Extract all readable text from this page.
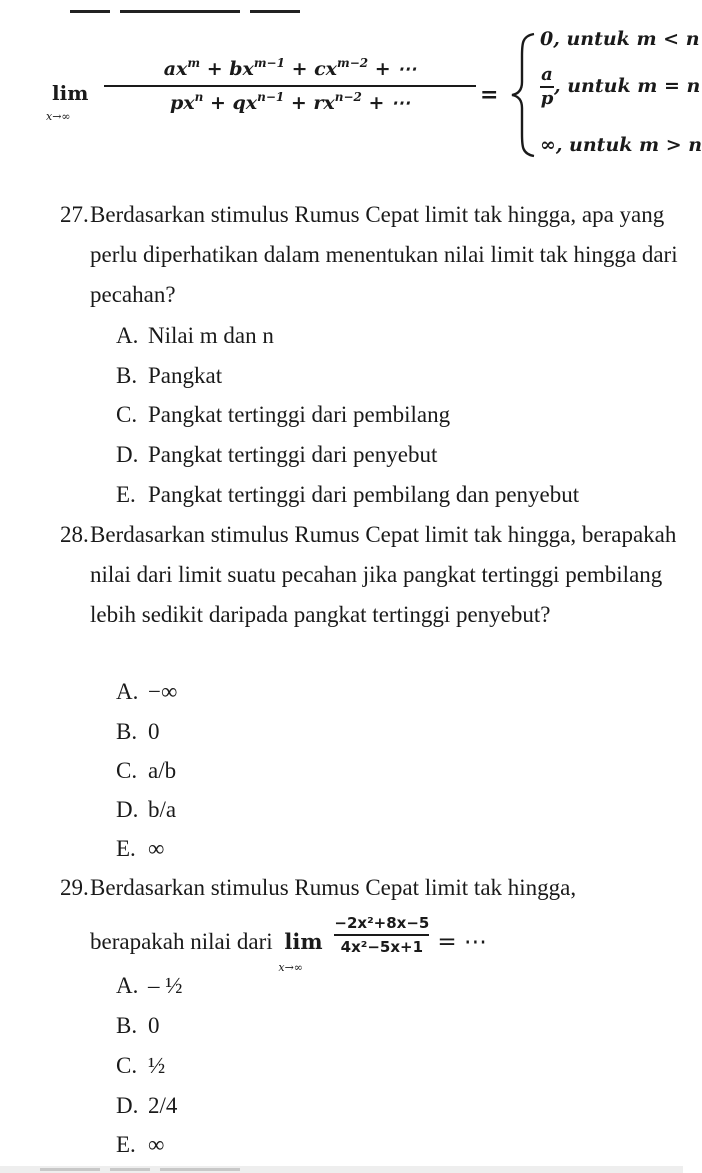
lim
x→∞
$ax^m + bx^{m-1} + cx^{m-2}$ + ⋯
$px^n + qx^{n-1} + rx^{n-2}$ + ⋯	=
0, untuk m < n
$\frac{a}{p}$ , untuk m = n
∞, untuk m > n
27. Berdasarkan stimulus Rumus Cepat limit tak hingga, apa yang perlu diperhatikan dalam menentukan nilai limit tak hingga dari pecahan?
A. Nilai m dan n
B. Pangkat
C. Pangkat tertinggi dari pembilang
D. Pangkat tertinggi dari penyebut
E. Pangkat tertinggi dari pembilang dan penyebut
28. Berdasarkan stimulus Rumus Cepat limit tak hingga, berapakah nilai dari limit suatu pecahan jika pangkat tertinggi pembilang lebih sedikit daripada pangkat tertinggi penyebut?
A. −∞
B. 0
C. a/b
D. b/a
E. ∞
29. Berdasarkan stimulus Rumus Cepat limit tak hingga,
berapakah nilai dari lim
x→∞
$\frac{\text{−2x²+8x−5}}{\text{4x²−5x+1}}$ = ⋯
A. – ½
B. 0
C. ½
D. 2/4
E. ∞
